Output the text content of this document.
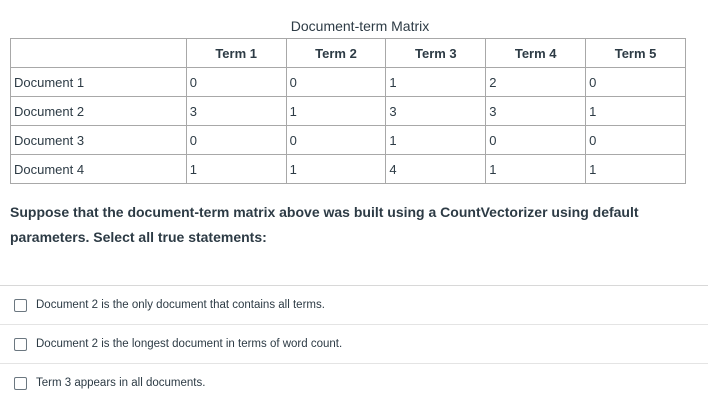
Document-term Matrix
	Term 1	Term 2	Term 3	Term 4	Term 5
Document 1	0	0	1	2	0
Document 2	3	1	3	3	1
Document 3	0	0	1	0	0
Document 4	1	1	4	1	1
Suppose that the document-term matrix above was built using a CountVectorizer using default parameters. Select all true statements:
Document 2 is the only document that contains all terms.
Document 2 is the longest document in terms of word count.
Term 3 appears in all documents.
